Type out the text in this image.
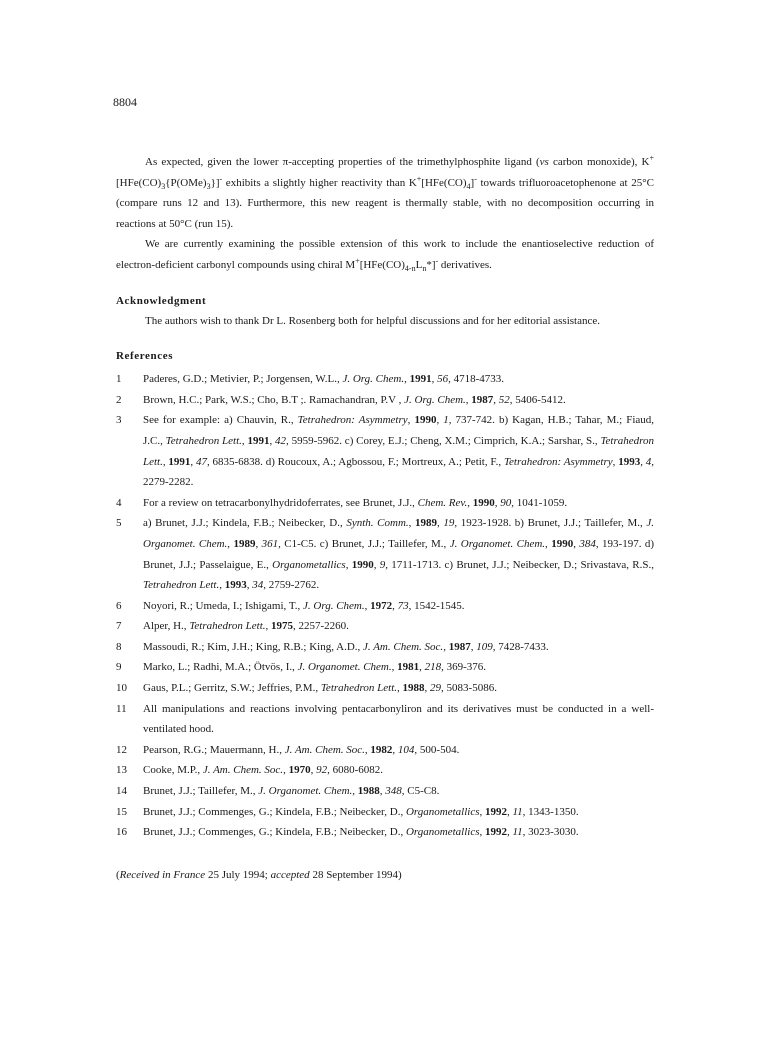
8804

As expected, given the lower π-accepting properties of the trimethylphosphite ligand (vs carbon monoxide), $K^+[HFe(CO)_3\{P(OMe)_3\}]^-$ exhibits a slightly higher reactivity than $K^+[HFe(CO)_4]^-$ towards trifluoroacetophenone at 25°C (compare runs 12 and 13). Furthermore, this new reagent is thermally stable, with no decomposition occurring in reactions at 50°C (run 15).

We are currently examining the possible extension of this work to include the enantioselective reduction of electron-deficient carbonyl compounds using chiral $M^+[HFe(CO)_{4-n}L_n*]^-$ derivatives.

Acknowledgment

The authors wish to thank Dr L. Rosenberg both for helpful discussions and for her editorial assistance.

References
1	Paderes, G.D.; Metivier, P.; Jorgensen, W.L., J. Org. Chem., 1991, 56, 4718-4733.
2	Brown, H.C.; Park, W.S.; Cho, B.T ;. Ramachandran, P.V , J. Org. Chem., 1987, 52, 5406-5412.
3	See for example: a) Chauvin, R., Tetrahedron: Asymmetry, 1990, 1, 737-742. b) Kagan, H.B.; Tahar, M.; Fiaud, J.C., Tetrahedron Lett., 1991, 42, 5959-5962. c) Corey, E.J.; Cheng, X.M.; Cimprich, K.A.; Sarshar, S., Tetrahedron Lett., 1991, 47, 6835-6838. d) Roucoux, A.; Agbossou, F.; Mortreux, A.; Petit, F., Tetrahedron: Asymmetry, 1993, 4, 2279-2282.
4	For a review on tetracarbonylhydridoferrates, see Brunet, J.J., Chem. Rev., 1990, 90, 1041-1059.
5	a) Brunet, J.J.; Kindela, F.B.; Neibecker, D., Synth. Comm., 1989, 19, 1923-1928. b) Brunet, J.J.; Taillefer, M., J. Organomet. Chem., 1989, 361, C1-C5. c) Brunet, J.J.; Taillefer, M., J. Organomet. Chem., 1990, 384, 193-197. d) Brunet, J.J.; Passelaigue, E., Organometallics, 1990, 9, 1711-1713. c) Brunet, J.J.; Neibecker, D.; Srivastava, R.S., Tetrahedron Lett., 1993, 34, 2759-2762.
6	Noyori, R.; Umeda, I.; Ishigami, T., J. Org. Chem., 1972, 73, 1542-1545.
7	Alper, H., Tetrahedron Lett., 1975, 2257-2260.
8	Massoudi, R.; Kim, J.H.; King, R.B.; King, A.D., J. Am. Chem. Soc., 1987, 109, 7428-7433.
9	Marko, L.; Radhi, M.A.; Ötvös, I., J. Organomet. Chem., 1981, 218, 369-376.
10	Gaus, P.L.; Gerritz, S.W.; Jeffries, P.M., Tetrahedron Lett., 1988, 29, 5083-5086.
11	All manipulations and reactions involving pentacarbonyliron and its derivatives must be conducted in a well-ventilated hood.
12	Pearson, R.G.; Mauermann, H., J. Am. Chem. Soc., 1982, 104, 500-504.
13	Cooke, M.P., J. Am. Chem. Soc., 1970, 92, 6080-6082.
14	Brunet, J.J.; Taillefer, M., J. Organomet. Chem., 1988, 348, C5-C8.
15	Brunet, J.J.; Commenges, G.; Kindela, F.B.; Neibecker, D., Organometallics, 1992, 11, 1343-1350.
16	Brunet, J.J.; Commenges, G.; Kindela, F.B.; Neibecker, D., Organometallics, 1992, 11, 3023-3030.
(Received in France 25 July 1994; accepted 28 September 1994)
